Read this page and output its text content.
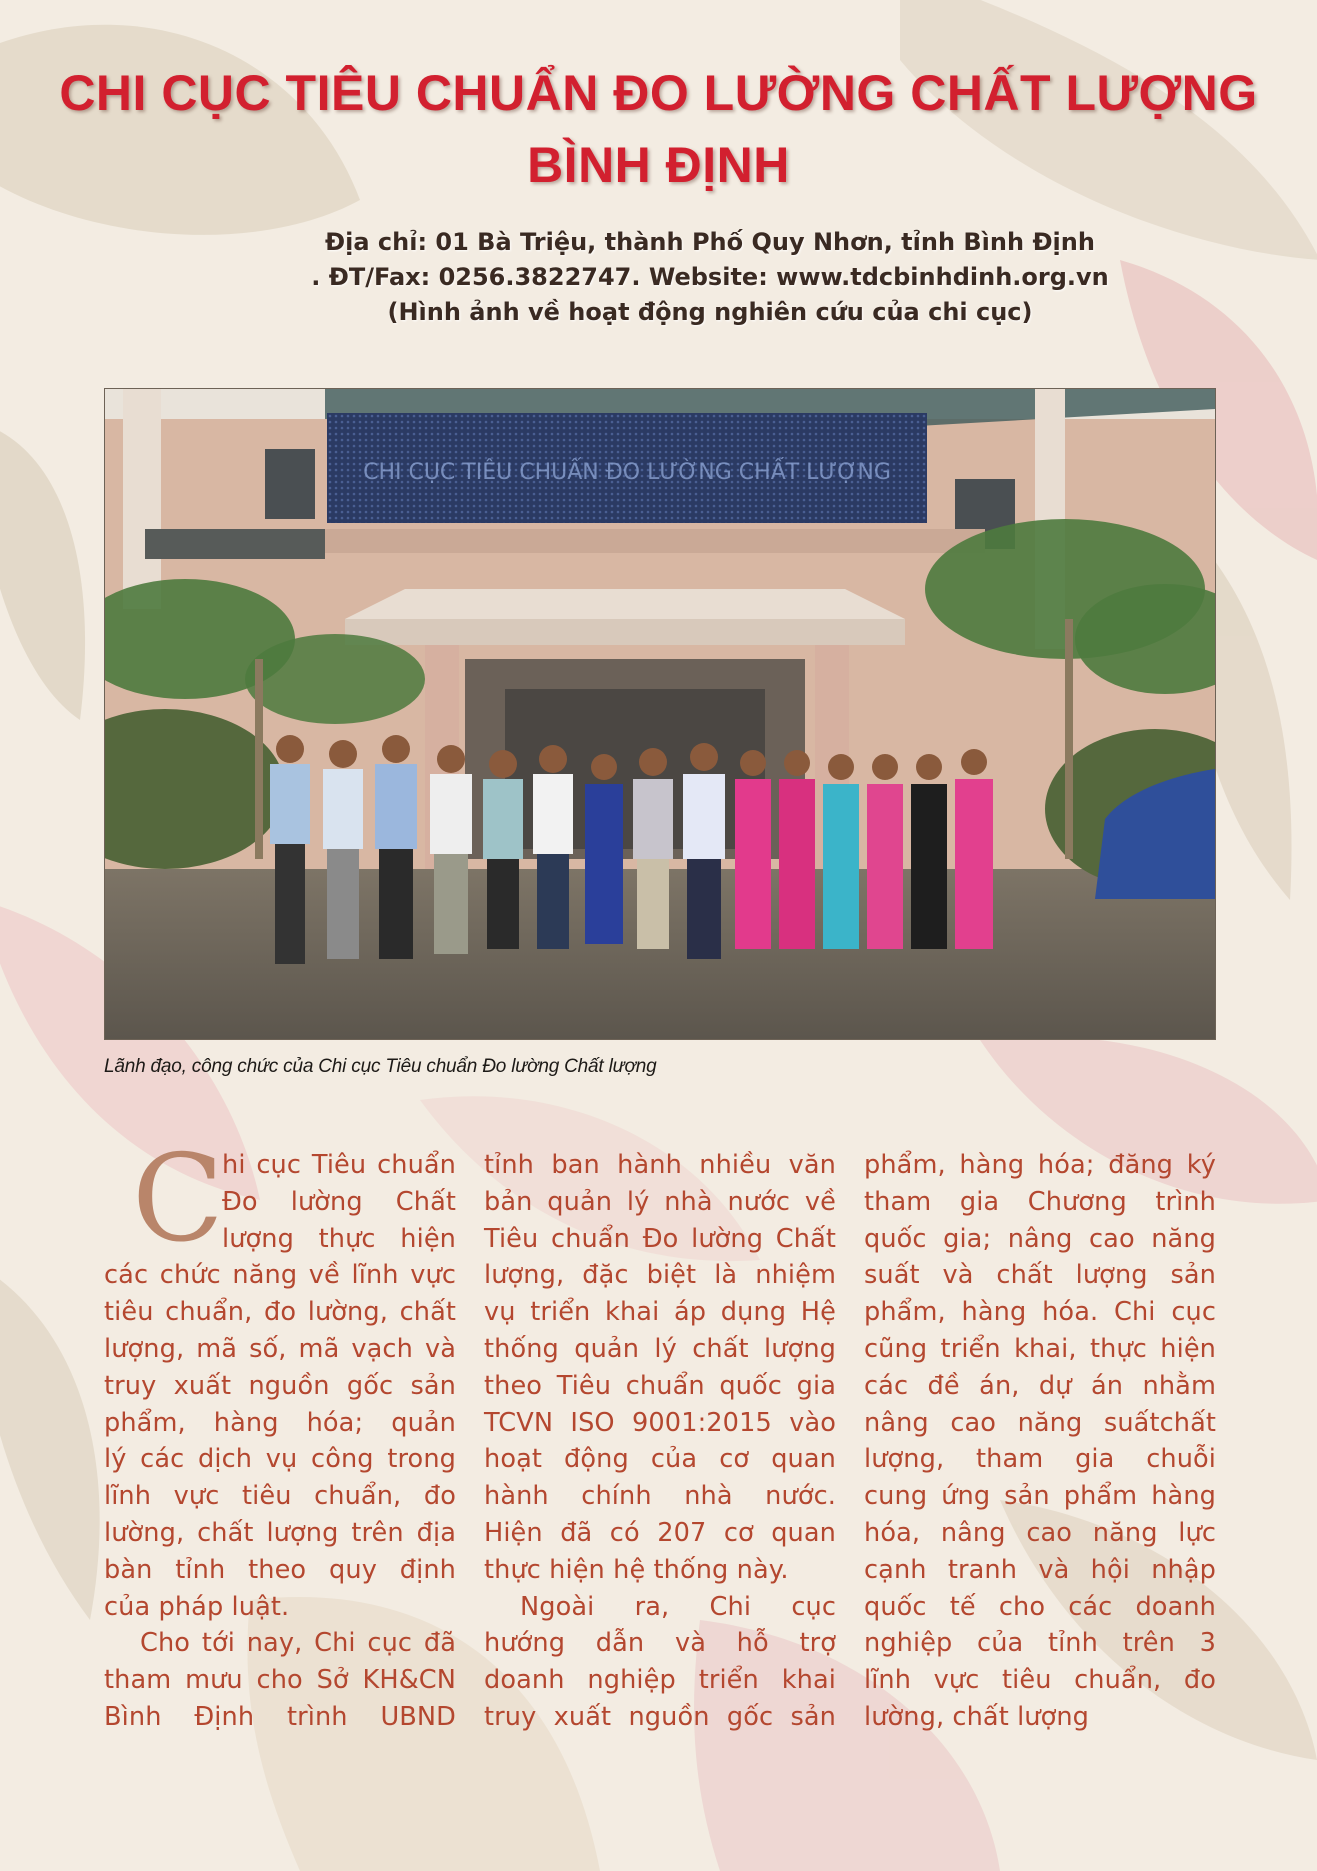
CHI CỤC TIÊU CHUẨN ĐO LƯỜNG CHẤT LƯỢNG
BÌNH ĐỊNH
Địa chỉ: 01 Bà Triệu, thành Phố Quy Nhơn, tỉnh Bình Định
. ĐT/Fax: 0256.3822747. Website: www.tdcbinhdinh.org.vn
(Hình ảnh về hoạt động nghiên cứu của chi cục)
CHI CỤC TIÊU CHUẨN ĐO LƯỜNG CHẤT LƯỢNG
Lãnh đạo, công chức của Chi cục Tiêu chuẩn Đo lường Chất lượng
C
hi cục Tiêu chuẩn
Đo lường Chất
lượng thực hiện
các chức năng về lĩnh vực
tiêu chuẩn, đo lường, chất
lượng, mã số, mã vạch và
truy xuất nguồn gốc sản
phẩm, hàng hóa; quản
lý các dịch vụ công trong
lĩnh vực tiêu chuẩn, đo
lường, chất lượng trên địa
bàn tỉnh theo quy định
của pháp luật.
Cho tới nay, Chi cục đã
tham mưu cho Sở KH&CN
Bình Định trình UBND
tỉnh ban hành nhiều văn
bản quản lý nhà nước về
Tiêu chuẩn Đo lường Chất
lượng, đặc biệt là nhiệm
vụ triển khai áp dụng Hệ
thống quản lý chất lượng
theo Tiêu chuẩn quốc gia
TCVN ISO 9001:2015 vào
hoạt động của cơ quan
hành chính nhà nước.
Hiện đã có 207 cơ quan
thực hiện hệ thống này.
Ngoài ra, Chi cục
hướng dẫn và hỗ trợ
doanh nghiệp triển khai
truy xuất nguồn gốc sản
phẩm, hàng hóa; đăng ký
tham gia Chương trình
quốc gia; nâng cao năng
suất và chất lượng sản
phẩm, hàng hóa. Chi cục
cũng triển khai, thực hiện
các đề án, dự án nhằm
nâng cao năng suấtchất
lượng, tham gia chuỗi
cung ứng sản phẩm hàng
hóa, nâng cao năng lực
cạnh tranh và hội nhập
quốc tế cho các doanh
nghiệp của tỉnh trên 3
lĩnh vực tiêu chuẩn, đo
lường, chất lượng
